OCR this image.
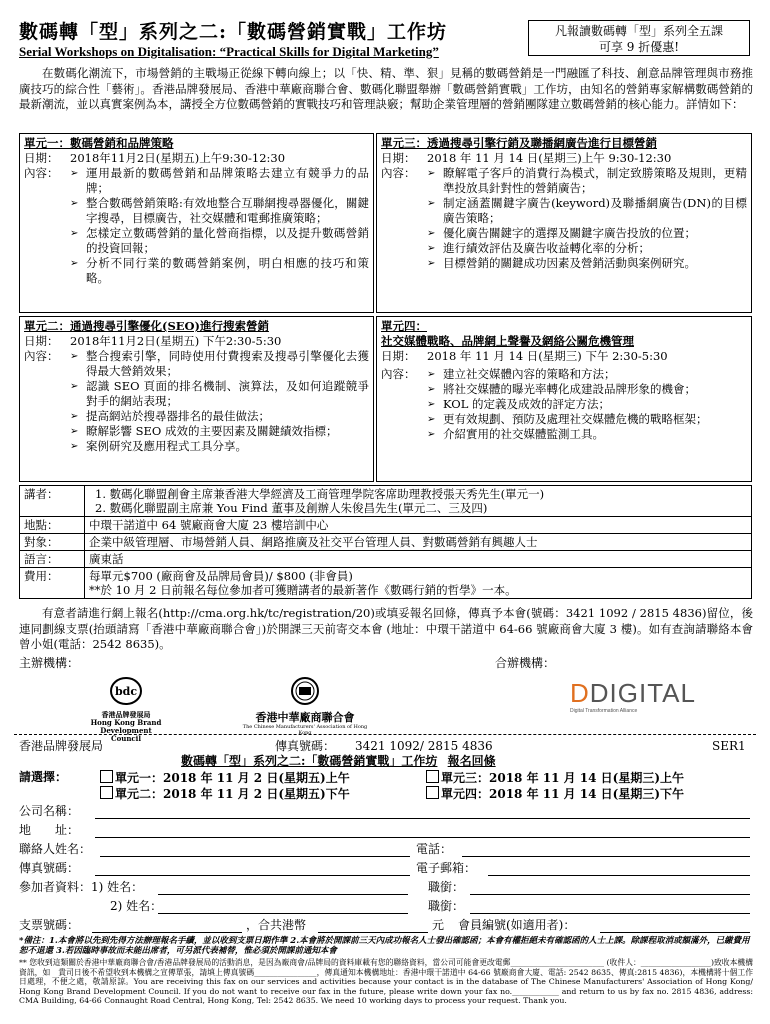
數碼轉「型」系列之二:「數碼營銷實戰」工作坊
Serial Workshops on Digitalisation: “Practical Skills for Digital Marketing”
凡報讀數碼轉「型」系列全五課
可享 9 折優惠!
在數碼化潮流下，市場營銷的主戰場正從線下轉向線上；以「快、精、準、狠」見稱的數碼營銷是一門融匯了科技、創意品牌管理與市務推廣技巧的綜合性「藝術」。香港品牌發展局、香港中華廠商聯合會、數碼化聯盟舉辦「數碼營銷實戰」工作坊，由知名的營銷專家解構數碼營銷的最新潮流，並以真實案例為本，講授全方位數碼營銷的實戰技巧和管理訣竅；幫助企業管理層的營銷團隊建立數碼營銷的核心能力。詳情如下：
單元一：數碼營銷和品牌策略
日期：	2018年11月2日(星期五)上午9:30-12:30
內容：	➢ 運用最新的數碼營銷和品牌策略去建立有競爭力的品牌；
➢ 整合數碼營銷策略:有效地整合互聯網搜尋器優化，關鍵字搜尋，目標廣告，社交媒體和電郵推廣策略；
➢ 怎樣定立數碼營銷的量化營商指標，以及提升數碼營銷的投資回報；
➢ 分析不同行業的數碼營銷案例，明白相應的技巧和策略。
單元三：透過搜尋引擎行銷及聯播網廣告進行目標營銷
日期：	2018 年 11 月 14 日(星期三)上午 9:30-12:30
內容：	➢ 瞭解電子客戶的消費行為模式，制定致勝策略及規則，更精準投放具針對性的營銷廣告；
➢ 制定涵蓋關鍵字廣告(keyword)及聯播網廣告(DN)的目標廣告策略；
➢ 優化廣告關鍵字的選擇及關鍵字廣告投放的位置；
➢ 進行績效評估及廣告收益轉化率的分析；
➢ 目標營銷的關鍵成功因素及營銷活動與案例研究。
單元二：通過搜尋引擎優化(SEO)進行搜索營銷
日期：	2018年11月2日(星期五) 下午2:30-5:30
內容：	➢ 整合搜索引擎，同時使用付費搜索及搜尋引擎優化去獲得最大營銷效果；
➢ 認識 SEO 頁面的排名機制、演算法，及如何追蹤競爭對手的網站表現；
➢ 提高網站於搜尋器排名的最佳做法；
➢ 瞭解影響 SEO 成效的主要因素及關鍵績效指標；
➢ 案例研究及應用程式工具分享。
單元四：
社交媒體戰略、品牌網上聲譽及網絡公關危機管理
日期：	2018 年 11 月 14 日(星期三) 下午 2:30-5:30
內容：	➢ 建立社交媒體內容的策略和方法；
➢ 將社交媒體的曝光率轉化成建設品牌形象的機會；
➢ KOL 的定義及成效的評定方法；
➢ 更有效規劃、預防及處理社交媒體危機的戰略框架；
➢ 介紹實用的社交媒體監測工具。
講者：	1. 數碼化聯盟創會主席兼香港大學經濟及工商管理學院客席助理教授張天秀先生(單元一)
2. 數碼化聯盟副主席兼 You Find 董事及創辦人朱俊昌先生(單元二、三及四)

地點：	中環干諾道中 64 號廠商會大廈 23 樓培訓中心
對象：	企業中級管理層、市場營銷人員、網路推廣及社交平台管理人員、對數碼營銷有興趣人士
語言：	廣東話
費用：	每單元$700 (廠商會及品牌局會員)/ $800 (非會員)
**於 10 月 2 日前報名每位參加者可獲贈講者的最新著作《數碼行銷的哲學》一本。
有意者請進行網上報名(http://cma.org.hk/tc/registration/20)或填妥報名回條，傳真予本會(號碼：3421 1092 / 2815 4836)留位，後連同劃線支票(抬頭請寫「香港中華廠商聯合會」)於開課三天前寄交本會 (地址：中環干諾道中 64-66 號廠商會大廈 3 樓)。如有查詢請聯絡本會曾小姐(電話：2542 8635)。
主辦機構：	合辦機構：
bdc
香港品牌發展局
Hong Kong Brand
Development Council
香港中華廠商聯合會
The Chinese Manufacturers' Association of Hong Kong
DDIGITAL
Digital Transformation Alliance
香港品牌發展局	傳真號碼： 3421 1092/ 2815 4836	SER1
數碼轉「型」系列之二:「數碼營銷實戰」工作坊 報名回條
請選擇：	單元一：2018 年 11 月 2 日(星期五)上午
單元二：2018 年 11 月 2 日(星期五)下午
單元三：2018 年 11 月 14 日(星期三)上午
單元四：2018 年 11 月 14 日(星期三)下午
公司名稱：
地　　址：
聯絡人姓名：	電話：
傳真號碼：	電子郵箱：
參加者資料：1) 姓名：	職銜：
2) 姓名：	職銜：
支票號碼：	，合共港幣	元 會員編號(如適用者)：
*備注：1.本會將以先到先得方法辦理報名手續，並以收到支票日期作準 2.本會將於開課前三天內成功報名人士發出確認函；本會有權拒絕未有確認函的人士上課。除課程取消或額滿外，已繳費用恕不退還 3.若因臨時事故而未能出席者，可另派代表補替，惟必須於開課前通知本會
** 您收到這類關於香港中華廠商聯合會/香港品牌發展局的活動消息，是因為廠商會/品牌局的資料庫載有您的聯絡資料，當公司可能會更改電郵________________________ (收件人：__________________)致收本機構資訊，如　貴司日後不希望收到本機構之宣傳單張，請填上傳真號碼________________，傳真通知本機構地址：香港中環干諾道中 64-66 號廠商會大廈、電話: 2542 8635、傳真:2815 4836)，本機構將十個工作日處理，不便之處，敬請原諒。You are receiving this fax on our services and activities because your contact is in the database of The Chinese Manufacturers' Association of Hong Kong/ Hong Kong Brand Development Council. If you do not want to receive our fax in the future, please write down your fax no.____________ and return to us by fax no. 2815 4836, address: CMA Building, 64-66 Connaught Road Central, Hong Kong, Tel: 2542 8635. We need 10 working days to process your request. Thank you.
